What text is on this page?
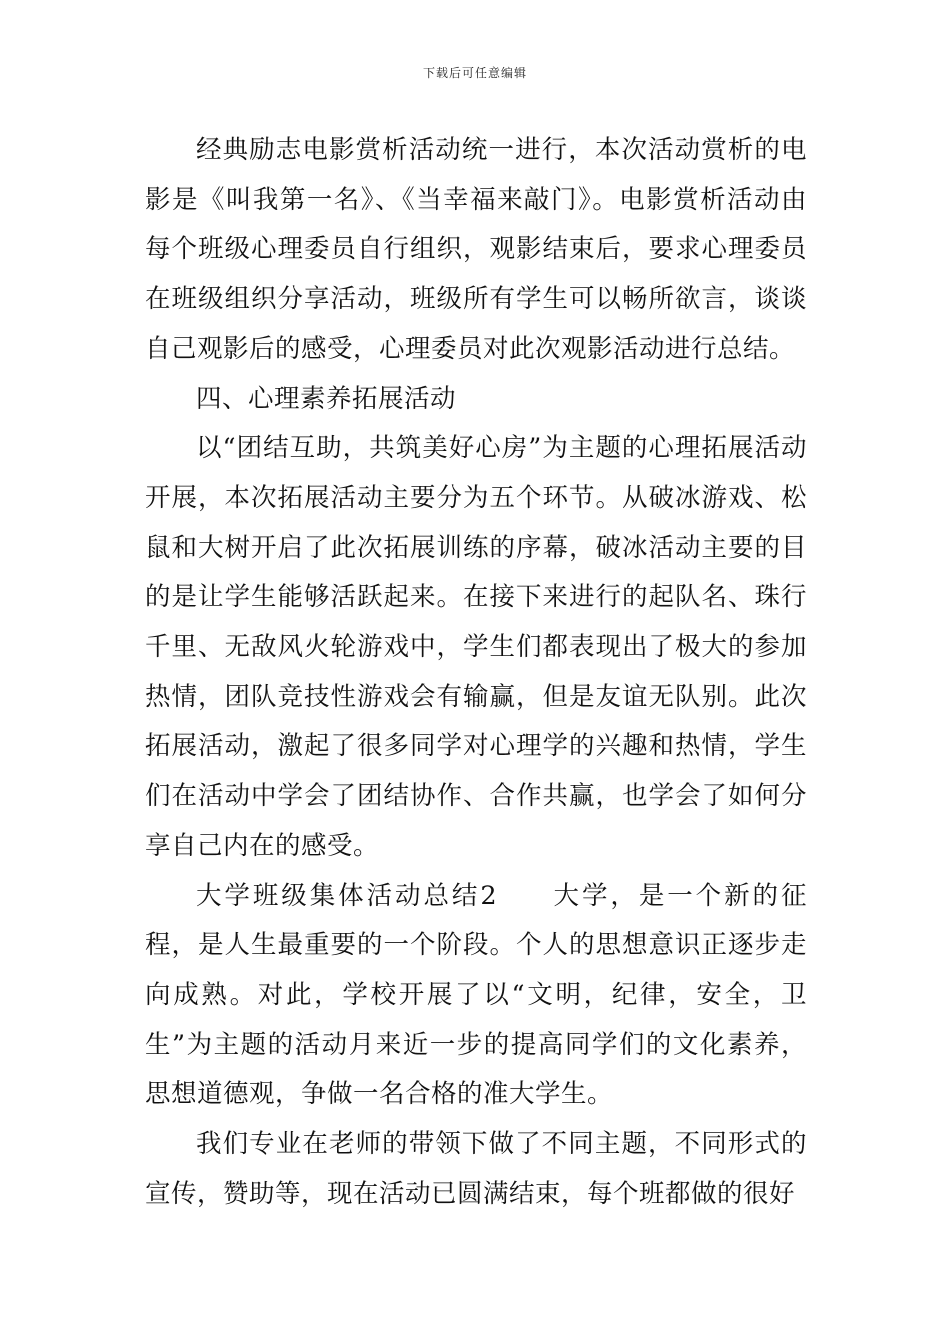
下载后可任意编辑

经典励志电影赏析活动统一进行，本次活动赏析的电影是《叫我第一名》、《当幸福来敲门》。电影赏析活动由每个班级心理委员自行组织，观影结束后，要求心理委员在班级组织分享活动，班级所有学生可以畅所欲言，谈谈自己观影后的感受，心理委员对此次观影活动进行总结。

四、心理素养拓展活动

以“团结互助，共筑美好心房”为主题的心理拓展活动开展，本次拓展活动主要分为五个环节。从破冰游戏、松鼠和大树开启了此次拓展训练的序幕，破冰活动主要的目的是让学生能够活跃起来。在接下来进行的起队名、珠行千里、无敌风火轮游戏中，学生们都表现出了极大的参加热情，团队竞技性游戏会有输赢，但是友谊无队别。此次拓展活动，激起了很多同学对心理学的兴趣和热情，学生们在活动中学会了团结协作、合作共赢，也学会了如何分享自己内在的感受。

大学班级集体活动总结2 大学，是一个新的征程，是人生最重要的一个阶段。个人的思想意识正逐步走向成熟。对此，学校开展了以“文明，纪律，安全，卫生”为主题的活动月来近一步的提高同学们的文化素养，思想道德观，争做一名合格的准大学生。

我们专业在老师的带领下做了不同主题，不同形式的宣传，赞助等，现在活动已圆满结束，每个班都做的很好
